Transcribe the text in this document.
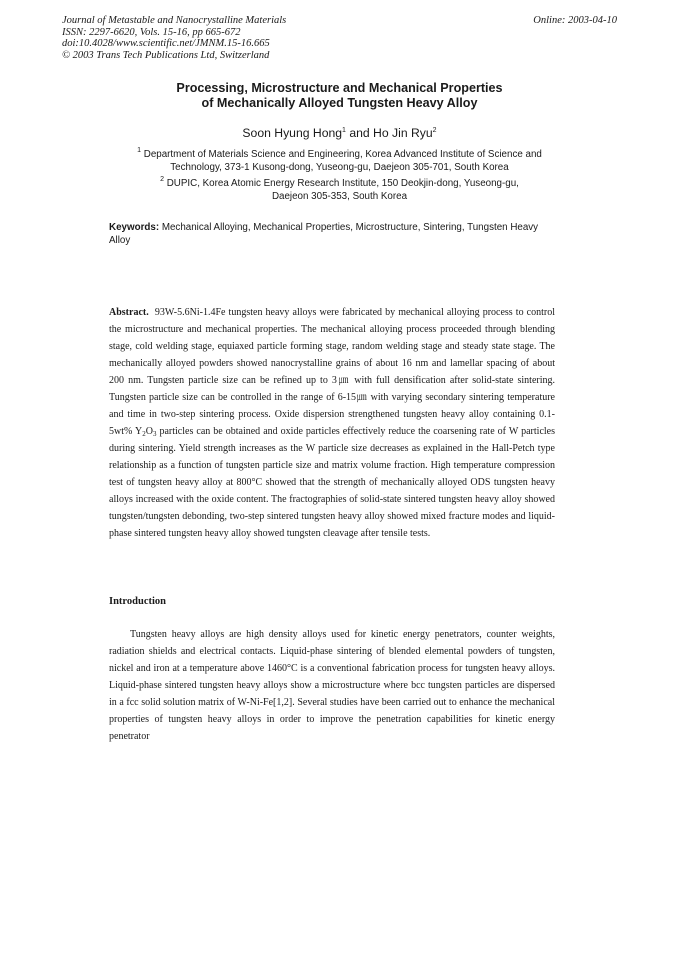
Journal of Metastable and Nanocrystalline Materials
ISSN: 2297-6620, Vols. 15-16, pp 665-672
doi:10.4028/www.scientific.net/JMNM.15-16.665
© 2003 Trans Tech Publications Ltd, Switzerland
Online: 2003-04-10
Processing, Microstructure and Mechanical Properties
of Mechanically Alloyed Tungsten Heavy Alloy
Soon Hyung Hong$^1$ and Ho Jin Ryu$^2$
$^1$ Department of Materials Science and Engineering, Korea Advanced Institute of Science and
Technology, 373-1 Kusong-dong, Yuseong-gu, Daejeon 305-701, South Korea
$^2$ DUPIC, Korea Atomic Energy Research Institute, 150 Deokjin-dong, Yuseong-gu,
Daejeon 305-353, South Korea
Keywords: Mechanical Alloying, Mechanical Properties, Microstructure, Sintering, Tungsten Heavy Alloy

Abstract.  93W-5.6Ni-1.4Fe tungsten heavy alloys were fabricated by mechanical alloying process to control the microstructure and mechanical properties. The mechanical alloying process proceeded through blending stage, cold welding stage, equiaxed particle forming stage, random welding stage and steady state stage. The mechanically alloyed powders showed nanocrystalline grains of about 16 nm and lamellar spacing of about 200 nm. Tungsten particle size can be refined up to 3㎛ with full densification after solid-state sintering. Tungsten particle size can be controlled in the range of 6-15㎛ with varying secondary sintering temperature and time in two-step sintering process. Oxide dispersion strengthened tungsten heavy alloy containing 0.1-5wt% $Y_2O_3$ particles can be obtained and oxide particles effectively reduce the coarsening rate of W particles during sintering. Yield strength increases as the W particle size decreases as explained in the Hall-Petch type relationship as a function of tungsten particle size and matrix volume fraction. High temperature compression test of tungsten heavy alloy at 800°C showed that the strength of mechanically alloyed ODS tungsten heavy alloys increased with the oxide content. The fractographies of solid-state sintered tungsten heavy alloy showed tungsten/tungsten debonding, two-step sintered tungsten heavy alloy showed mixed fracture modes and liquid-phase sintered tungsten heavy alloy showed tungsten cleavage after tensile tests.

Introduction

Tungsten heavy alloys are high density alloys used for kinetic energy penetrators, counter weights, radiation shields and electrical contacts. Liquid-phase sintering of blended elemental powders of tungsten, nickel and iron at a temperature above 1460°C is a conventional fabrication process for tungsten heavy alloys. Liquid-phase sintered tungsten heavy alloys show a microstructure where bcc tungsten particles are dispersed in a fcc solid solution matrix of W-Ni-Fe[1,2]. Several studies have been carried out to enhance the mechanical properties of tungsten heavy alloys in order to improve the penetration capabilities for kinetic energy penetrator
